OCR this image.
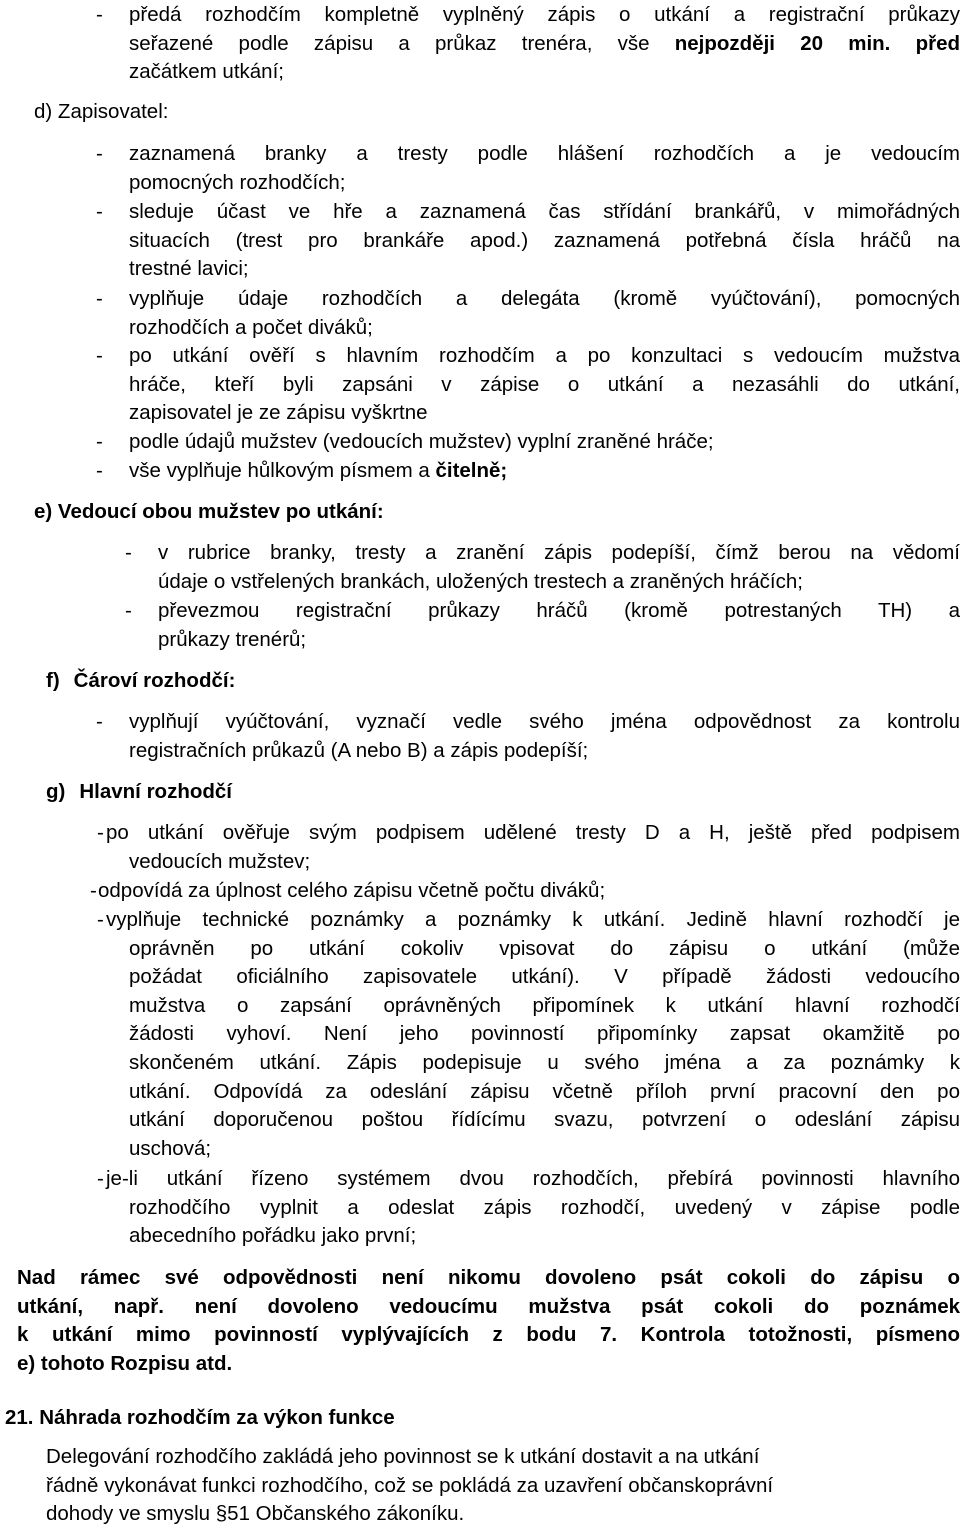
- předá rozhodčím kompletně vyplněný zápis o utkání a registrační průkazy
seřazené podle zápisu a průkaz trenéra, vše nejpozději 20 min. před
začátkem utkání;
d) Zapisovatel:
- zaznamená branky a tresty podle hlášení rozhodčích a je vedoucím
pomocných rozhodčích;
- sleduje účast ve hře a zaznamená čas střídání brankářů, v mimořádných
situacích (trest pro brankáře apod.) zaznamená potřebná čísla hráčů na
trestné lavici;
- vyplňuje údaje rozhodčích a delegáta (kromě vyúčtování), pomocných
rozhodčích a počet diváků;
- po utkání ověří s hlavním rozhodčím a po konzultaci s vedoucím mužstva
hráče, kteří byli zapsáni v zápise o utkání a nezasáhli do utkání,
zapisovatel je ze zápisu vyškrtne
- podle údajů mužstev (vedoucích mužstev) vyplní zraněné hráče;
- vše vyplňuje hůlkovým písmem a čitelně;
e) Vedoucí obou mužstev po utkání:
- v rubrice branky, tresty a zranění zápis podepíší, čímž berou na vědomí
údaje o vstřelených brankách, uložených trestech a zraněných hráčích;
- převezmou registrační průkazy hráčů (kromě potrestaných TH) a
průkazy trenérů;
f) Čároví rozhodčí:
- vyplňují vyúčtování, vyznačí vedle svého jména odpovědnost za kontrolu
registračních průkazů (A nebo B) a zápis podepíší;
g) Hlavní rozhodčí
- po utkání ověřuje svým podpisem udělené tresty D a H, ještě před podpisem
vedoucích mužstev;
- odpovídá za úplnost celého zápisu včetně počtu diváků;
- vyplňuje technické poznámky a poznámky k utkání. Jedině hlavní rozhodčí je
oprávněn po utkání cokoliv vpisovat do zápisu o utkání (může
požádat oficiálního zapisovatele utkání). V případě žádosti vedoucího
mužstva o zapsání oprávněných připomínek k utkání hlavní rozhodčí
žádosti vyhoví. Není jeho povinností připomínky zapsat okamžitě po
skončeném utkání. Zápis podepisuje u svého jména a za poznámky k
utkání. Odpovídá za odeslání zápisu včetně příloh první pracovní den po
utkání doporučenou poštou řídícímu svazu, potvrzení o odeslání zápisu
uschová;
- je-li utkání řízeno systémem dvou rozhodčích, přebírá povinnosti hlavního
rozhodčího vyplnit a odeslat zápis rozhodčí, uvedený v zápise podle
abecedního pořádku jako první;
Nad rámec své odpovědnosti není nikomu dovoleno psát cokoli do zápisu o
utkání, např. není dovoleno vedoucímu mužstva psát cokoli do poznámek
k utkání mimo povinností vyplývajících z bodu 7. Kontrola totožnosti, písmeno
e) tohoto Rozpisu atd.
21. Náhrada rozhodčím za výkon funkce
Delegování rozhodčího zakládá jeho povinnost se k utkání dostavit a na utkání
řádně vykonávat funkci rozhodčího, což se pokládá za uzavření občanskoprávní
dohody ve smyslu §51 Občanského zákoníku.
